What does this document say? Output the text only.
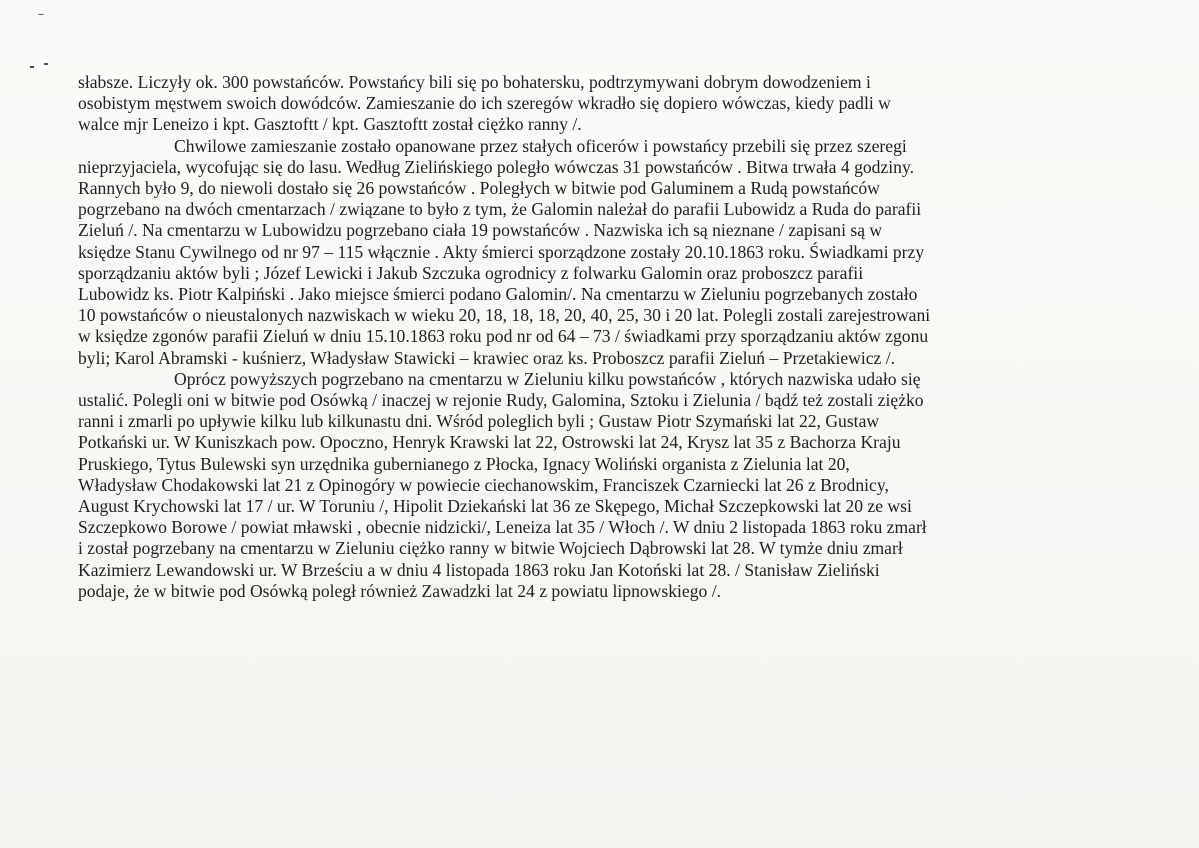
słabsze. Liczyły ok. 300 powstańców. Powstańcy bili się po bohatersku, podtrzymywani dobrym dowodzeniem i
osobistym męstwem swoich dowódców. Zamieszanie do ich szeregów wkradło się dopiero wówczas, kiedy padli w
walce mjr Leneizo i kpt. Gasztoftt / kpt. Gasztoftt został ciężko ranny /.
Chwilowe zamieszanie zostało opanowane przez stałych oficerów i powstańcy przebili się przez szeregi
nieprzyjaciela, wycofując się do lasu. Według Zielińskiego poległo wówczas 31 powstańców . Bitwa trwała 4 godziny.
Rannych było 9, do niewoli dostało się 26 powstańców . Poległych w bitwie pod Galuminem a Rudą powstańców
pogrzebano na dwóch cmentarzach / związane to było z tym, że Galomin należał do parafii Lubowidz a Ruda do parafii
Zieluń /. Na cmentarzu w Lubowidzu pogrzebano ciała 19 powstańców . Nazwiska ich są nieznane / zapisani są w
księdze Stanu Cywilnego od nr 97 – 115 włącznie . Akty śmierci sporządzone zostały 20.10.1863 roku. Świadkami przy
sporządzaniu aktów byli ; Józef Lewicki i Jakub Szczuka ogrodnicy z folwarku Galomin oraz proboszcz parafii
Lubowidz ks. Piotr Kalpiński . Jako miejsce śmierci podano Galomin/. Na cmentarzu w Zieluniu pogrzebanych zostało
10 powstańców o nieustalonych nazwiskach w wieku 20, 18, 18, 18, 20, 40, 25, 30 i 20 lat. Polegli zostali zarejestrowani
w księdze zgonów parafii Zieluń w dniu 15.10.1863 roku pod nr od 64 – 73 / świadkami przy sporządzaniu aktów zgonu
byli; Karol Abramski - kuśnierz, Władysław Stawicki – krawiec oraz ks. Proboszcz parafii Zieluń – Przetakiewicz /.
Oprócz powyższych pogrzebano na cmentarzu w Zieluniu kilku powstańców , których nazwiska udało się
ustalić. Polegli oni w bitwie pod Osówką / inaczej w rejonie Rudy, Galomina, Sztoku i Zielunia / bądź też zostali ziężko
ranni i zmarli po upływie kilku lub kilkunastu dni. Wśród poleglich byli ; Gustaw Piotr Szymański lat 22, Gustaw
Potkański ur. W Kuniszkach pow. Opoczno, Henryk Krawski lat 22, Ostrowski lat 24, Krysz lat 35 z Bachorza Kraju
Pruskiego, Tytus Bulewski syn urzędnika gubernianego z Płocka, Ignacy Woliński organista z Zielunia lat 20,
Władysław Chodakowski lat 21 z Opinogóry w powiecie ciechanowskim, Franciszek Czarniecki lat 26 z Brodnicy,
August Krychowski lat 17 / ur. W Toruniu /, Hipolit Dziekański lat 36 ze Skępego, Michał Szczepkowski lat 20 ze wsi
Szczepkowo Borowe / powiat mławski , obecnie nidzicki/, Leneiza lat 35 / Włoch /. W dniu 2 listopada 1863 roku zmarł
i został pogrzebany na cmentarzu w Zieluniu ciężko ranny w bitwie Wojciech Dąbrowski lat 28. W tymże dniu zmarł
Kazimierz Lewandowski ur. W Brześciu a w dniu 4 listopada 1863 roku Jan Kotoński lat 28. / Stanisław Zieliński
podaje, że w bitwie pod Osówką poległ również Zawadzki lat 24 z powiatu lipnowskiego /.
